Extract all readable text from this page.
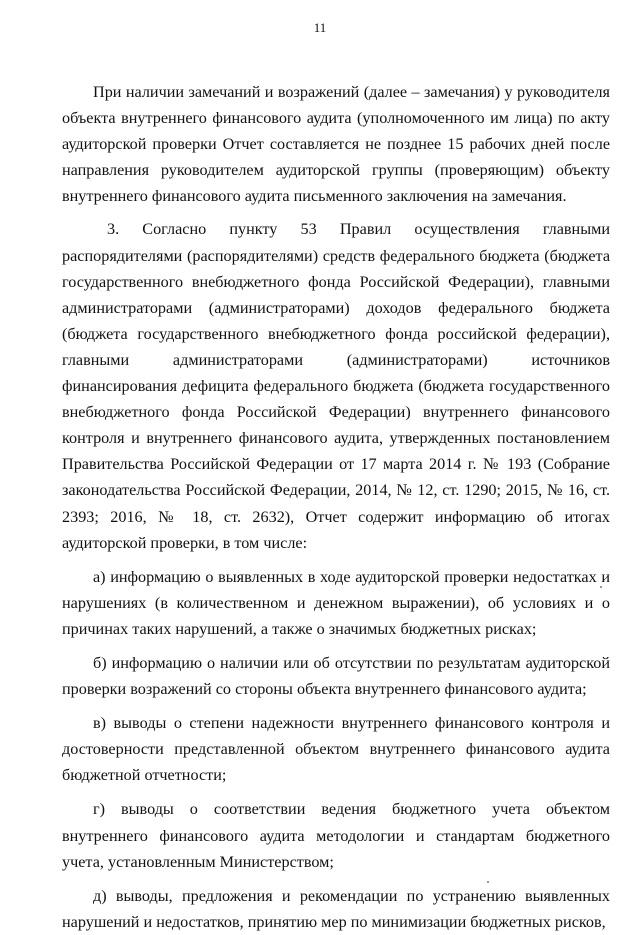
11

При наличии замечаний и возражений (далее – замечания) у руководителя объекта внутреннего финансового аудита (уполномоченного им лица) по акту аудиторской проверки Отчет составляется не позднее 15 рабочих дней после направления руководителем аудиторской группы (проверяющим) объекту внутреннего финансового аудита письменного заключения на замечания.

3. Согласно пункту 53 Правил осуществления главными распорядителями (распорядителями) средств федерального бюджета (бюджета государственного внебюджетного фонда Российской Федерации), главными администраторами (администраторами) доходов федерального бюджета (бюджета государственного внебюджетного фонда российской федерации), главными администраторами (администраторами) источников финансирования дефицита федерального бюджета (бюджета государственного внебюджетного фонда Российской Федерации) внутреннего финансового контроля и внутреннего финансового аудита, утвержденных постановлением Правительства Российской Федерации от 17 марта 2014 г. № 193 (Собрание законодательства Российской Федерации, 2014, № 12, ст. 1290; 2015, № 16, ст. 2393; 2016, № 18, ст. 2632), Отчет содержит информацию об итогах аудиторской проверки, в том числе:

а) информацию о выявленных в ходе аудиторской проверки недостатках и нарушениях (в количественном и денежном выражении), об условиях и о причинах таких нарушений, а также о значимых бюджетных рисках;

б) информацию о наличии или об отсутствии по результатам аудиторской проверки возражений со стороны объекта внутреннего финансового аудита;

в) выводы о степени надежности внутреннего финансового контроля и достоверности представленной объектом внутреннего финансового аудита бюджетной отчетности;

г) выводы о соответствии ведения бюджетного учета объектом внутреннего финансового аудита методологии и стандартам бюджетного учета, установленным Министерством;

д) выводы, предложения и рекомендации по устранению выявленных нарушений и недостатков, принятию мер по минимизации бюджетных рисков,
